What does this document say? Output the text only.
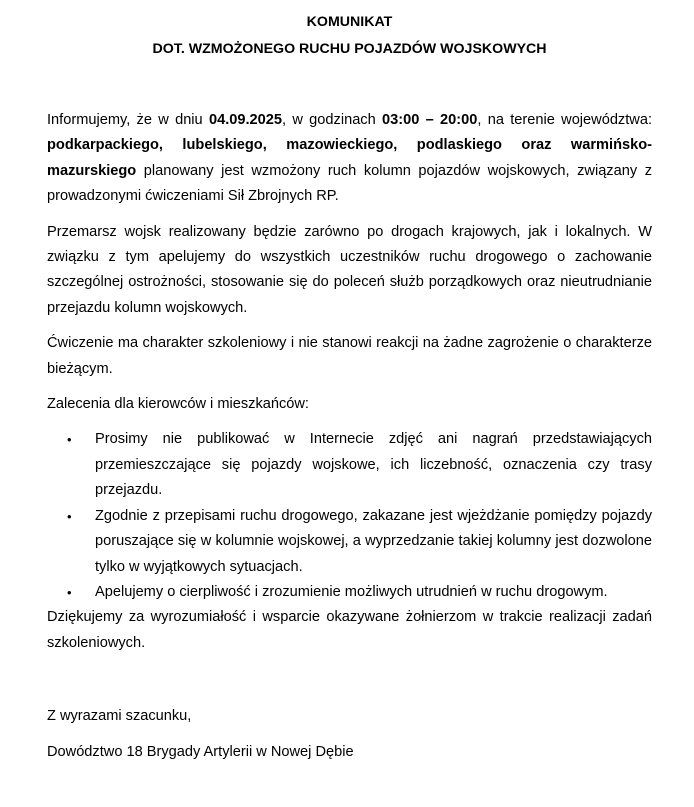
KOMUNIKAT

DOT. WZMOŻONEGO RUCHU POJAZDÓW WOJSKOWYCH

Informujemy, że w dniu 04.09.2025, w godzinach 03:00 – 20:00, na terenie województwa: podkarpackiego, lubelskiego, mazowieckiego, podlaskiego oraz warmińsko-mazurskiego planowany jest wzmożony ruch kolumn pojazdów wojskowych, związany z prowadzonymi ćwiczeniami Sił Zbrojnych RP.

Przemarsz wojsk realizowany będzie zarówno po drogach krajowych, jak i lokalnych. W związku z tym apelujemy do wszystkich uczestników ruchu drogowego o zachowanie szczególnej ostrożności, stosowanie się do poleceń służb porządkowych oraz nieutrudnianie przejazdu kolumn wojskowych.

Ćwiczenie ma charakter szkoleniowy i nie stanowi reakcji na żadne zagrożenie o charakterze bieżącym.

Zalecenia dla kierowców i mieszkańców:

• Prosimy nie publikować w Internecie zdjęć ani nagrań przedstawiających przemieszczające się pojazdy wojskowe, ich liczebność, oznaczenia czy trasy przejazdu.
• Zgodnie z przepisami ruchu drogowego, zakazane jest wjeżdżanie pomiędzy pojazdy poruszające się w kolumnie wojskowej, a wyprzedzanie takiej kolumny jest dozwolone tylko w wyjątkowych sytuacjach.
• Apelujemy o cierpliwość i zrozumienie możliwych utrudnień w ruchu drogowym.

Dziękujemy za wyrozumiałość i wsparcie okazywane żołnierzom w trakcie realizacji zadań szkoleniowych.

Z wyrazami szacunku,

Dowództwo 18 Brygady Artylerii w Nowej Dębie
